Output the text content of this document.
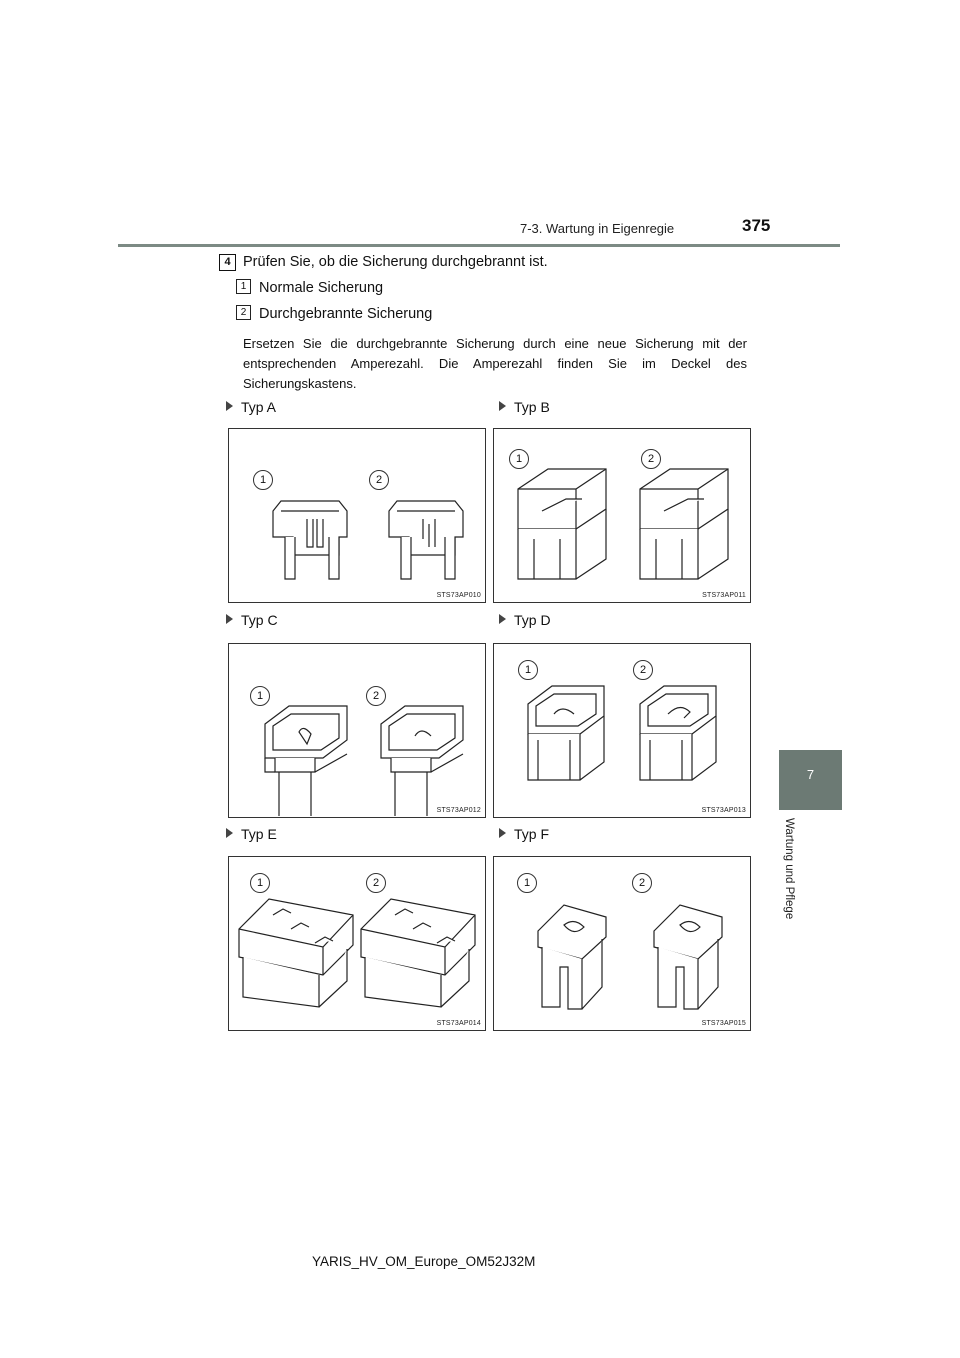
7-3. Wartung in Eigenregie	375
7
Wartung und Pflege
4 Prüfen Sie, ob die Sicherung durchgebrannt ist.
1 Normale Sicherung
2 Durchgebrannte Sicherung
Ersetzen Sie die durchgebrannte Sicherung durch eine neue Sicherung mit der entsprechenden Amperezahl. Die Amperezahl finden Sie im Deckel des Sicherungskastens.
Typ A	Typ B
Typ C	Typ D
Typ E	Typ F
1	2
STS73AP010
1	2
STS73AP011
1	2
STS73AP012
1	2
STS73AP013
1	2
STS73AP014
1	2
STS73AP015
YARIS_HV_OM_Europe_OM52J32M
